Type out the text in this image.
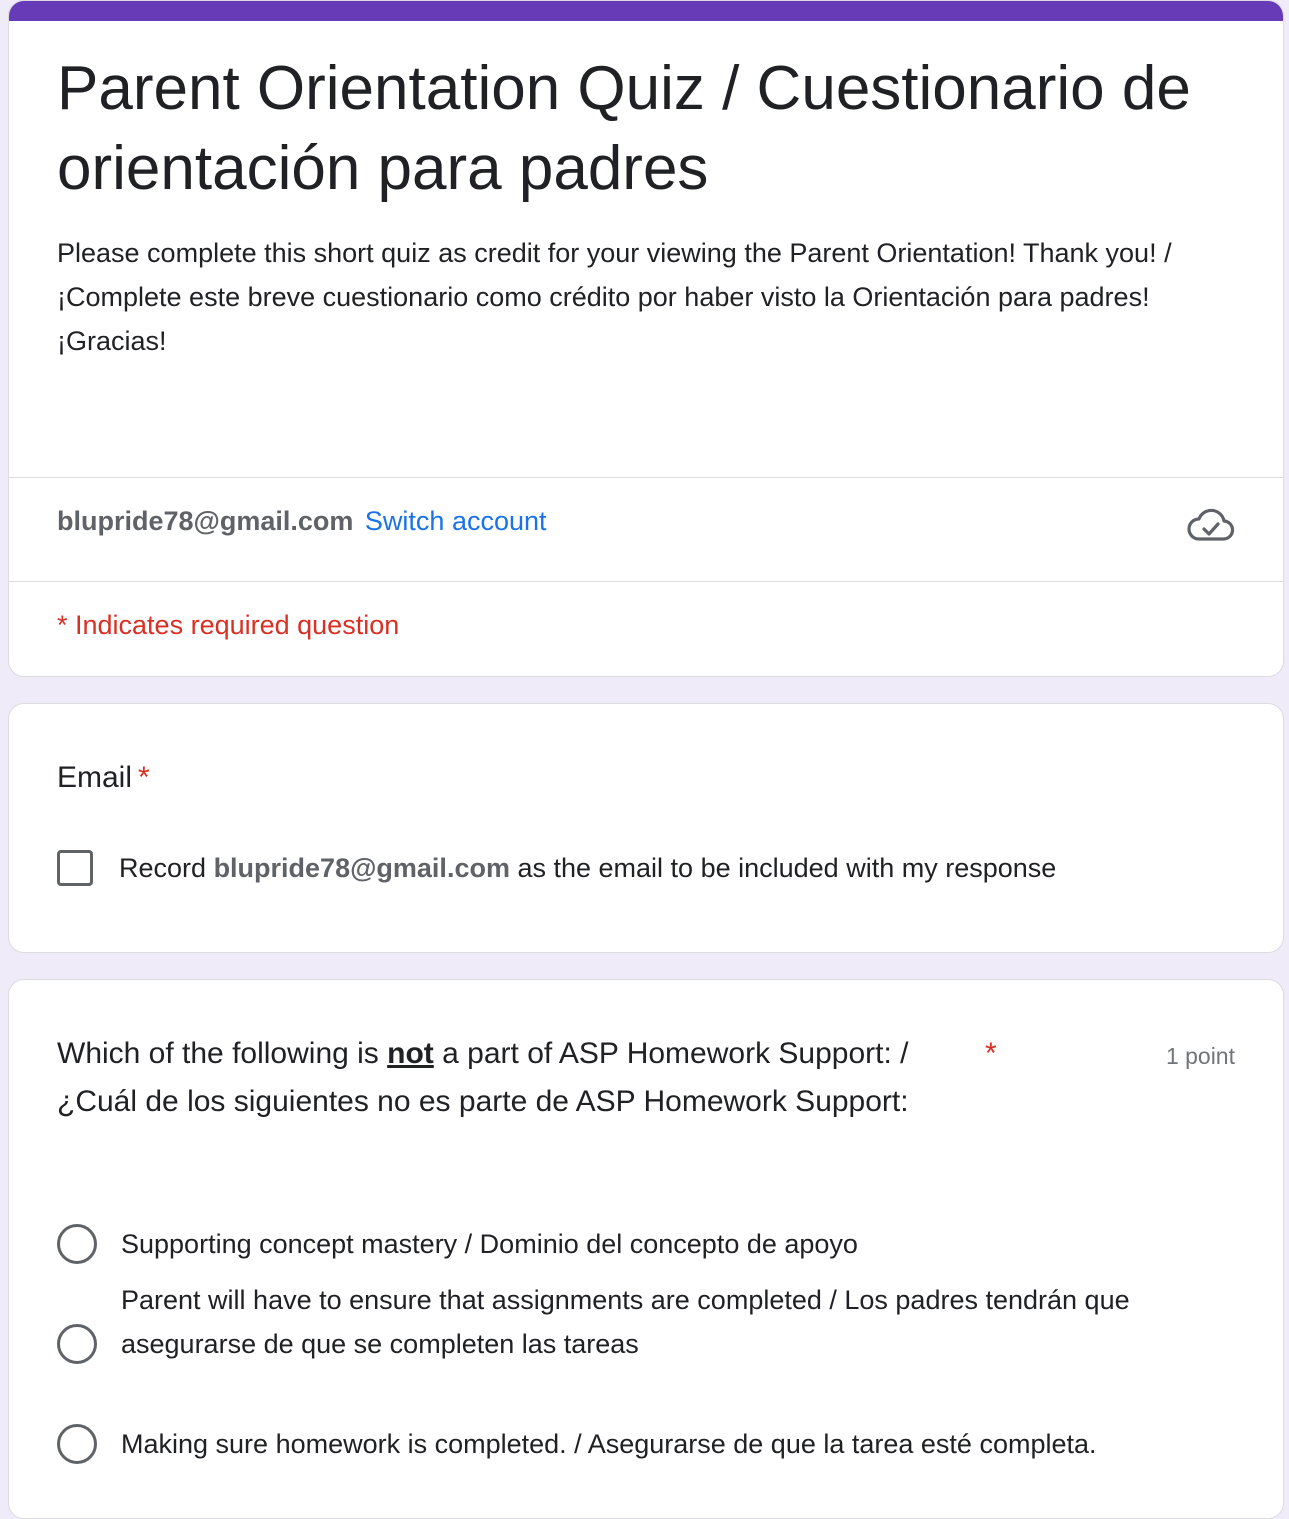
Parent Orientation Quiz / Cuestionario de orientación para padres
Please complete this short quiz as credit for your viewing the Parent Orientation! Thank you! /
¡Complete este breve cuestionario como crédito por haber visto la Orientación para padres! ¡Gracias!
blupride78@gmail.com Switch account
* Indicates required question
Email *
Record blupride78@gmail.com as the email to be included with my response
Which of the following is not a part of ASP Homework Support: /
¿Cuál de los siguientes no es parte de ASP Homework Support:
*	1 point
Supporting concept mastery / Dominio del concepto de apoyo
Parent will have to ensure that assignments are completed / Los padres tendrán que asegurarse de que se completen las tareas
Making sure homework is completed. / Asegurarse de que la tarea esté completa.
